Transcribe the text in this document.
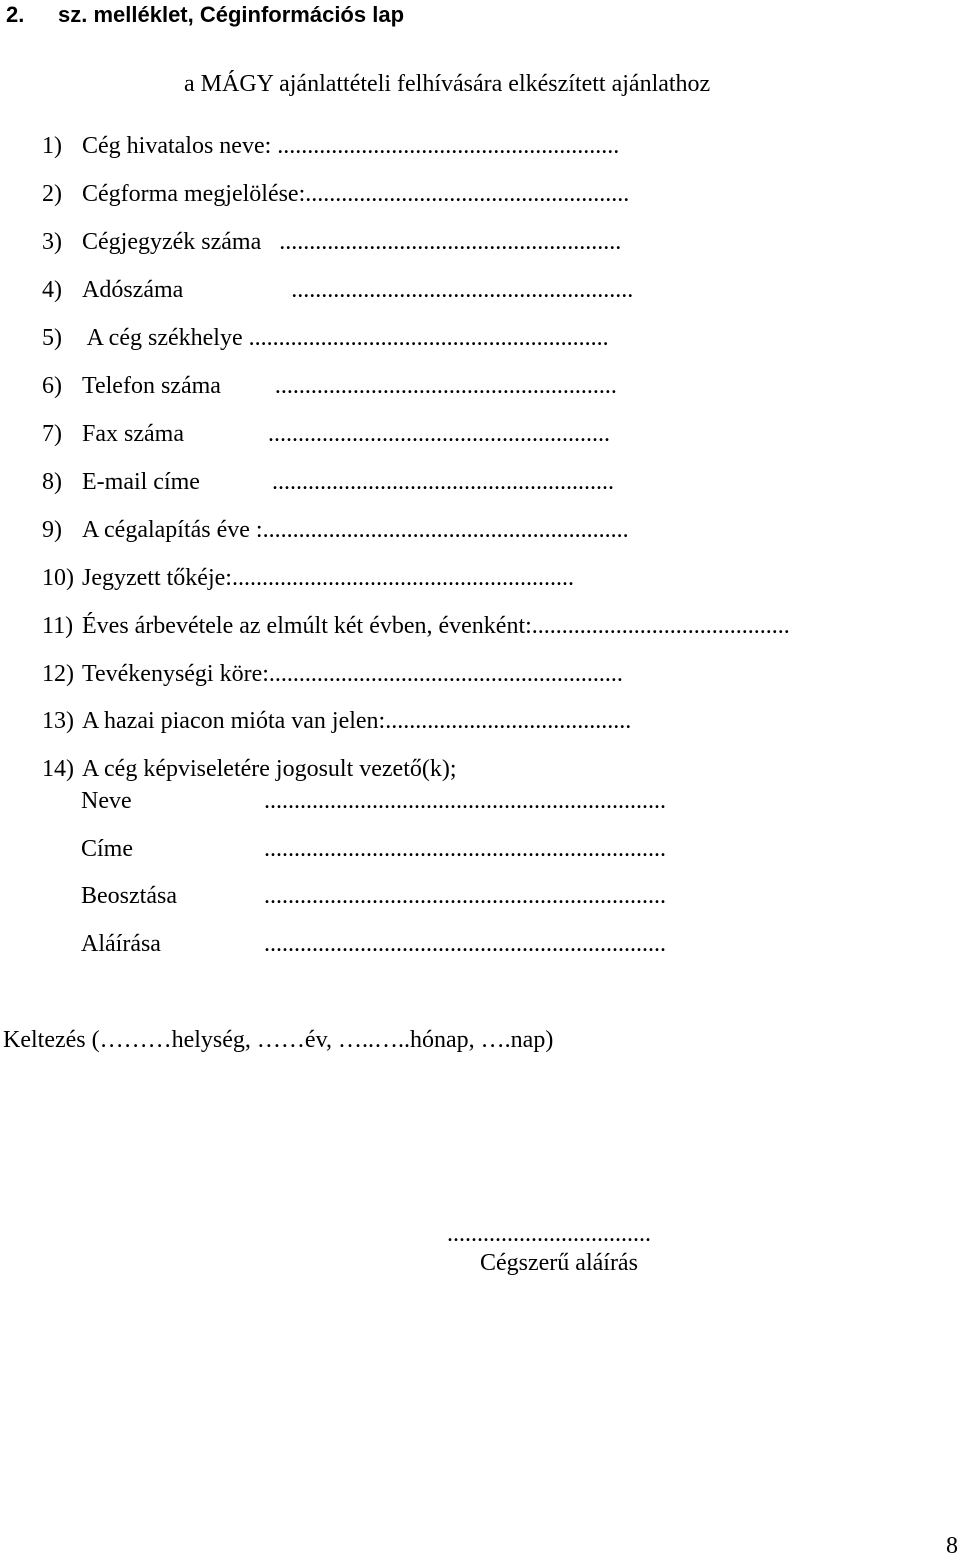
2. sz. melléklet, Céginformációs lap
a MÁGY ajánlattételi felhívására elkészített ajánlathoz
1) Cég hivatalos neve: .........................................................
2) Cégforma megjelölése:......................................................
3) Cégjegyzék száma   .........................................................
4) Adószáma                  .........................................................
5) A cég székhelye ............................................................
6) Telefon száma         .........................................................
7) Fax száma              .........................................................
8) E-mail címe            .........................................................
9) A cégalapítás éve :.............................................................
10) Jegyzett tőkéje:.........................................................
11) Éves árbevétele az elmúlt két évben, évenként:...........................................
12) Tevékenységi köre:...........................................................
13) A hazai piacon mióta van jelen:.........................................
14) A cég képviseletére jogosult vezető(k);
Neve	...................................................................
Címe	...................................................................
Beosztása	...................................................................
Aláírása	...................................................................
Keltezés (………helység, ……év, …..…..hónap, ….nap)
..................................
Cégszerű aláírás
8
